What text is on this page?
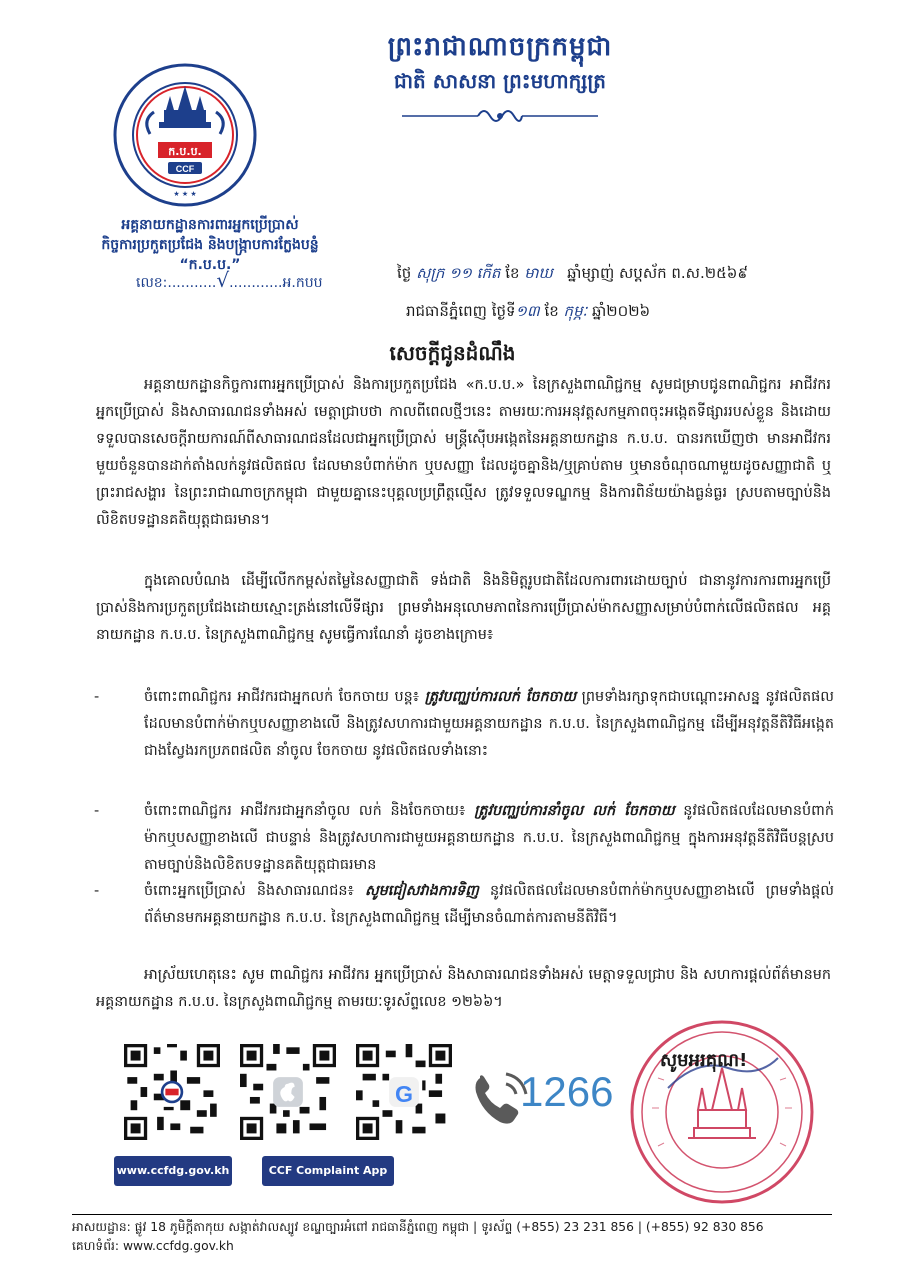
ក.ប.ប.
CCF
★ ★ ★
អគ្គនាយកដ្ឋានការពារអ្នកប្រើប្រាស់
កិច្ចការប្រកួតប្រជែង និងបង្ក្រាបការក្លែងបន្លំ
“ក.ប.ប.”
ព្រះរាជាណាចក្រកម្ពុជា
ជាតិ សាសនា ព្រះមហាក្សត្រ
លេខ:...........√............អ.កបប
ថ្ងៃ សុក្រ ១១ កើត ខែ មាឃ ឆ្នាំម្សាញ់ សប្តស័ក ព.ស.២៥៦៩
រាជធានីភ្នំពេញ ថ្ងៃទី១៣ ខែ កុម្ភៈ ឆ្នាំ២០២៦
សេចក្តីជូនដំណឹង
អគ្គនាយកដ្ឋានកិច្ចការពារអ្នកប្រើប្រាស់ និងការប្រកួតប្រជែង «ក.ប.ប.» នៃក្រសួងពាណិជ្ជកម្ម សូមជម្រាបជូនពាណិជ្ជករ អាជីវករ អ្នកប្រើប្រាស់ និងសាធារណជនទាំងអស់ មេត្តាជ្រាបថា កាលពីពេលថ្មីៗនេះ តាមរយៈការអនុវត្តសកម្មភាពចុះអង្កេតទីផ្សាររបស់ខ្លួន និងដោយទទួលបានសេចក្តីរាយការណ៍ពីសាធារណជនដែលជាអ្នកប្រើប្រាស់ មន្ត្រីស៊ើបអង្កេតនៃអគ្គនាយកដ្ឋាន ក.ប.ប. បានរកឃើញថា មានអាជីវករមួយចំនួនបានដាក់តាំងលក់នូវផលិតផល ដែលមានបំពាក់ម៉ាក ឬបសញ្ញា ដែលដូចគ្នានិង/ឬគ្រាប់តាម ឬមានចំណុចណាមួយដូចសញ្ញាជាតិ ឬព្រះរាជសង្ហារ នៃព្រះរាជាណាចក្រកម្ពុជា ជាមួយគ្នានេះបុគ្គលប្រព្រឹត្តល្មើស ត្រូវទទួលទណ្ឌកម្ម និងការពិន័យយ៉ាងធ្ងន់ធ្ងរ ស្របតាមច្បាប់និងលិខិតបទដ្ឋានគតិយុត្តជាធរមាន។
ក្នុងគោលបំណង ដើម្បីលើកកម្ពស់តម្លៃនៃសញ្ញាជាតិ ទង់ជាតិ និងនិមិត្តរូបជាតិដែលការពារដោយច្បាប់ ជានានូវការការពារអ្នកប្រើប្រាស់និងការប្រកួតប្រជែងដោយស្មោះត្រង់នៅលើទីផ្សារ ព្រមទាំងអនុលោមភាពនៃការប្រើប្រាស់ម៉ាកសញ្ញាសម្រាប់បំពាក់លើផលិតផល អគ្គនាយកដ្ឋាន ក.ប.ប. នៃក្រសួងពាណិជ្ជកម្ម សូមធ្វើការណែនាំ ដូចខាងក្រោម៖
-	ចំពោះពាណិជ្ជករ អាជីវករជាអ្នកលក់ ចែកចាយ បន្ត៖ ត្រូវបញ្ឈប់ការលក់ ចែកចាយ ព្រមទាំងរក្សាទុកជាបណ្តោះអាសន្ន នូវផលិតផលដែលមានបំពាក់ម៉ាកឬបសញ្ញាខាងលើ និងត្រូវសហការជាមួយអគ្គនាយកដ្ឋាន ក.ប.ប. នៃក្រសួងពាណិជ្ជកម្ម ដើម្បីអនុវត្តនីតិវិធីអង្កេតជាងស្វែងរកប្រភពផលិត នាំចូល ចែកចាយ នូវផលិតផលទាំងនោះ
-	ចំពោះពាណិជ្ជករ អាជីវករជាអ្នកនាំចូល លក់ និងចែកចាយ៖ ត្រូវបញ្ឈប់ការនាំចូល លក់ ចែកចាយ នូវផលិតផលដែលមានបំពាក់ម៉ាកឬបសញ្ញាខាងលើ ជាបន្ទាន់ និងត្រូវសហការជាមួយអគ្គនាយកដ្ឋាន ក.ប.ប. នៃក្រសួងពាណិជ្ជកម្ម ក្នុងការអនុវត្តនីតិវិធីបន្តស្របតាមច្បាប់និងលិខិតបទដ្ឋានគតិយុត្តជាធរមាន
-	ចំពោះអ្នកប្រើប្រាស់ និងសាធារណជន៖ សូមជៀសវាងការទិញ នូវផលិតផលដែលមានបំពាក់ម៉ាកឬបសញ្ញាខាងលើ ព្រមទាំងផ្តល់ព័ត៌មានមកអគ្គនាយកដ្ឋាន ក.ប.ប. នៃក្រសួងពាណិជ្ជកម្ម ដើម្បីមានចំណាត់ការតាមនីតិវិធី។
អាស្រ័យហេតុនេះ សូម ពាណិជ្ជករ អាជីវករ អ្នកប្រើប្រាស់ និងសាធារណជនទាំងអស់ មេត្តាទទួលជ្រាប និង សហការផ្តល់ព័ត៌មានមកអគ្គនាយកដ្ឋាន ក.ប.ប. នៃក្រសួងពាណិជ្ជកម្ម តាមរយៈទូរស័ព្ទលេខ ១២៦៦។
G
www.ccfdg.gov.kh	CCF Complaint App
1266
សូមអរគុណ!
អាសយដ្ឋាន: ផ្លូវ 18 ភូមិក្តីតាកុយ សង្កាត់វាលស្បូវ ខណ្ឌច្បារអំពៅ រាជធានីភ្នំពេញ កម្ពុជា | ទូរស័ព្ទ (+855) 23 231 856 | (+855) 92 830 856
គេហទំព័រ: www.ccfdg.gov.kh
